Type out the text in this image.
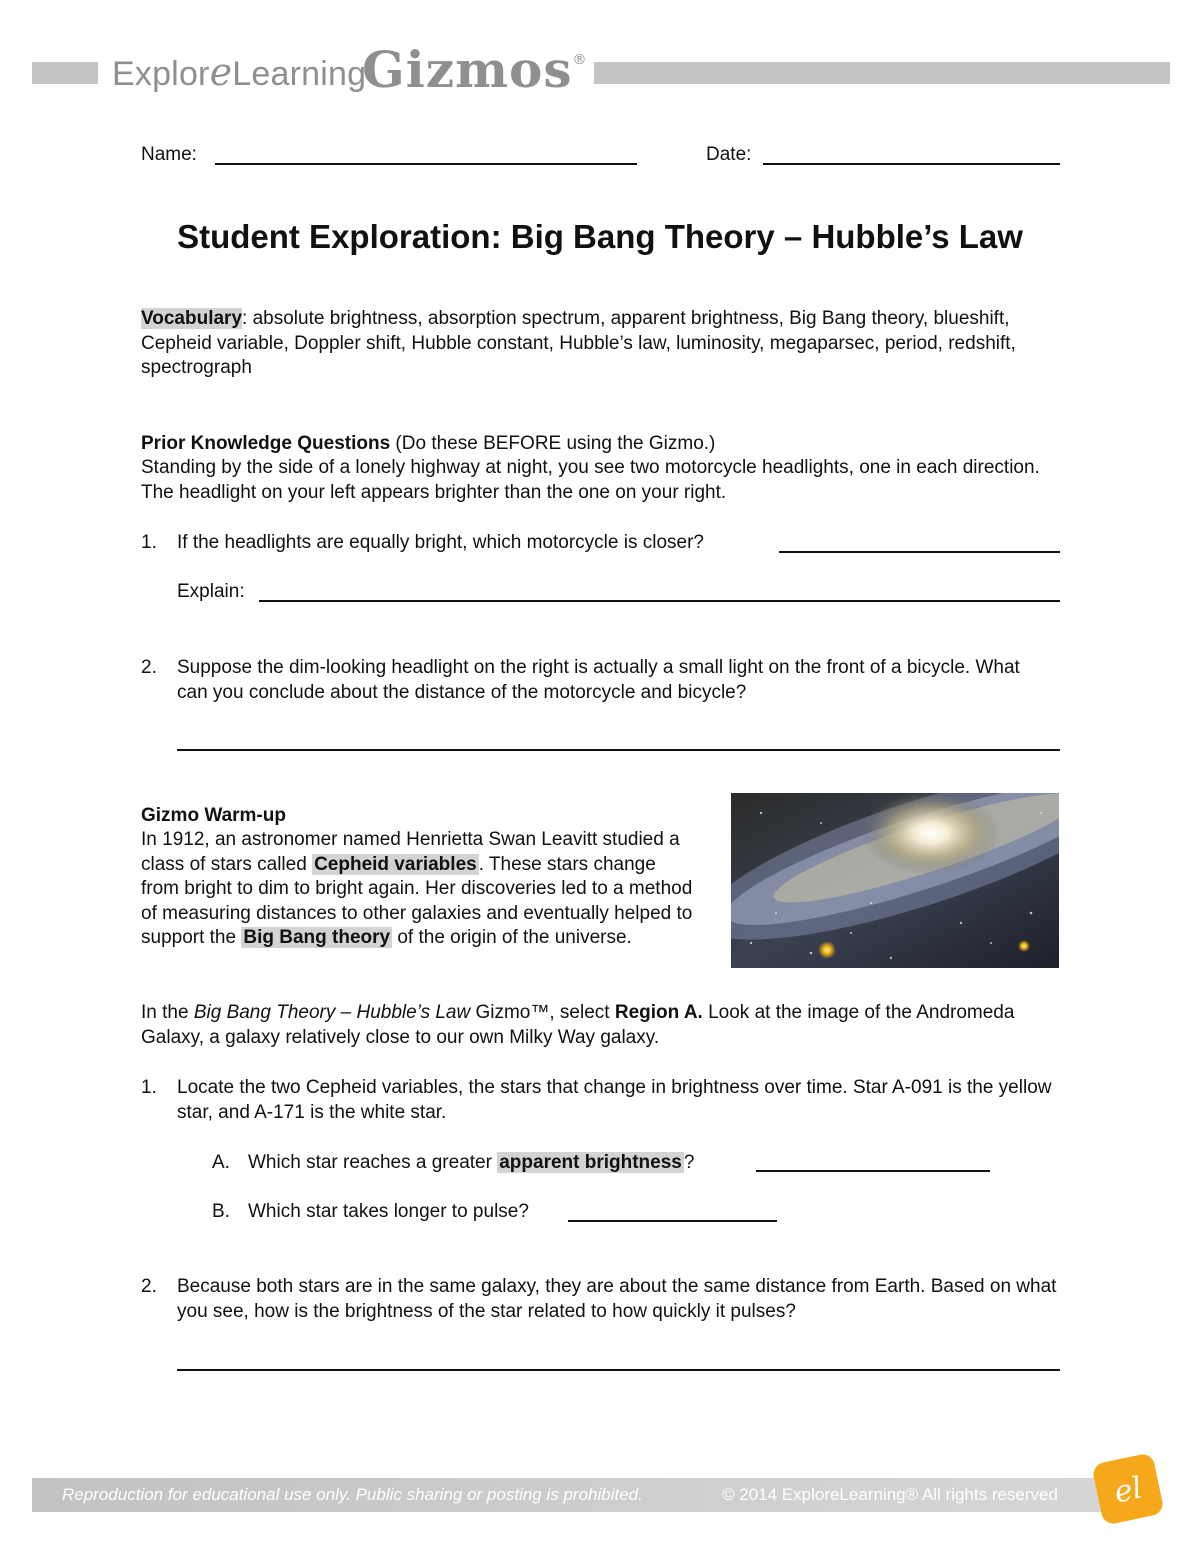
ExploreLearning
Gizmos®
Name:	Date:
Student Exploration: Big Bang Theory – Hubble’s Law
Vocabulary: absolute brightness, absorption spectrum, apparent brightness, Big Bang theory, blueshift, Cepheid variable, Doppler shift, Hubble constant, Hubble’s law, luminosity, megaparsec, period, redshift, spectrograph
Prior Knowledge Questions (Do these BEFORE using the Gizmo.)
Standing by the side of a lonely highway at night, you see two motorcycle headlights, one in each direction. The headlight on your left appears brighter than the one on your right.
1. If the headlights are equally bright, which motorcycle is closer?
Explain:
2. Suppose the dim-looking headlight on the right is actually a small light on the front of a bicycle. What can you conclude about the distance of the motorcycle and bicycle?
Gizmo Warm-up
In 1912, an astronomer named Henrietta Swan Leavitt studied a class of stars called Cepheid variables . These stars change from bright to dim to bright again. Her discoveries led to a method of measuring distances to other galaxies and eventually helped to support the Big Bang theory of the origin of the universe.
In the Big Bang Theory – Hubble’s Law Gizmo™, select Region A. Look at the image of the Andromeda Galaxy, a galaxy relatively close to our own Milky Way galaxy.
1. Locate the two Cepheid variables, the stars that change in brightness over time. Star A-091 is the yellow star, and A-171 is the white star.
A. Which star reaches a greater apparent brightness ?
B. Which star takes longer to pulse?
2. Because both stars are in the same galaxy, they are about the same distance from Earth. Based on what you see, how is the brightness of the star related to how quickly it pulses?
Reproduction for educational use only. Public sharing or posting is prohibited.	© 2014 ExploreLearning® All rights reserved el
